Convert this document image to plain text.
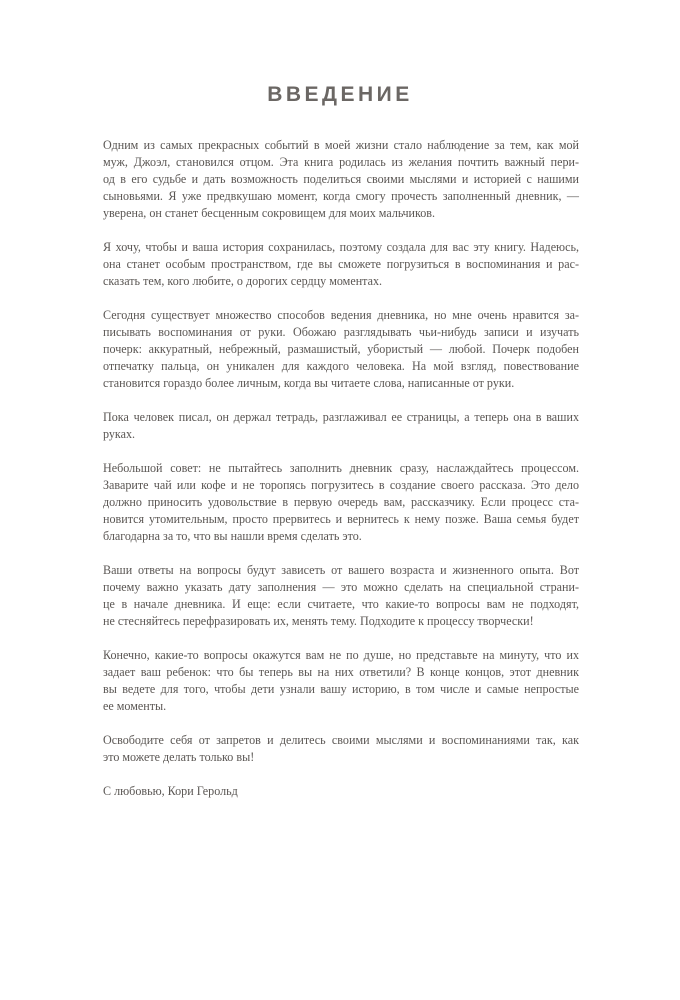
ВВЕДЕНИЕ

Одним из самых прекрасных событий в моей жизни стало наблюдение за тем, как мой
муж, Джоэл, становился отцом. Эта книга родилась из желания почтить важный пери-
од в его судьбе и дать возможность поделиться своими мыслями и историей с нашими
сыновьями. Я уже предвкушаю момент, когда смогу прочесть заполненный дневник, —
уверена, он станет бесценным сокровищем для моих мальчиков.

Я хочу, чтобы и ваша история сохранилась, поэтому создала для вас эту книгу. Надеюсь,
она станет особым пространством, где вы сможете погрузиться в воспоминания и рас-
сказать тем, кого любите, о дорогих сердцу моментах.

Сегодня существует множество способов ведения дневника, но мне очень нравится за-
писывать воспоминания от руки. Обожаю разглядывать чьи-нибудь записи и изучать
почерк: аккуратный, небрежный, размашистый, убористый — любой. Почерк подобен
отпечатку пальца, он уникален для каждого человека. На мой взгляд, повествование
становится гораздо более личным, когда вы читаете слова, написанные от руки.

Пока человек писал, он держал тетрадь, разглаживал ее страницы, а теперь она в ваших
руках.

Небольшой совет: не пытайтесь заполнить дневник сразу, наслаждайтесь процессом.
Заварите чай или кофе и не торопясь погрузитесь в создание своего рассказа. Это дело
должно приносить удовольствие в первую очередь вам, рассказчику. Если процесс ста-
новится утомительным, просто прервитесь и вернитесь к нему позже. Ваша семья будет
благодарна за то, что вы нашли время сделать это.

Ваши ответы на вопросы будут зависеть от вашего возраста и жизненного опыта. Вот
почему важно указать дату заполнения — это можно сделать на специальной страни-
це в начале дневника. И еще: если считаете, что какие-то вопросы вам не подходят,
не стесняйтесь перефразировать их, менять тему. Подходите к процессу творчески!

Конечно, какие-то вопросы окажутся вам не по душе, но представьте на минуту, что их
задает ваш ребенок: что бы теперь вы на них ответили? В конце концов, этот дневник
вы ведете для того, чтобы дети узнали вашу историю, в том числе и самые непростые
ее моменты.

Освободите себя от запретов и делитесь своими мыслями и воспоминаниями так, как
это можете делать только вы!

С любовью, Кори Герольд
